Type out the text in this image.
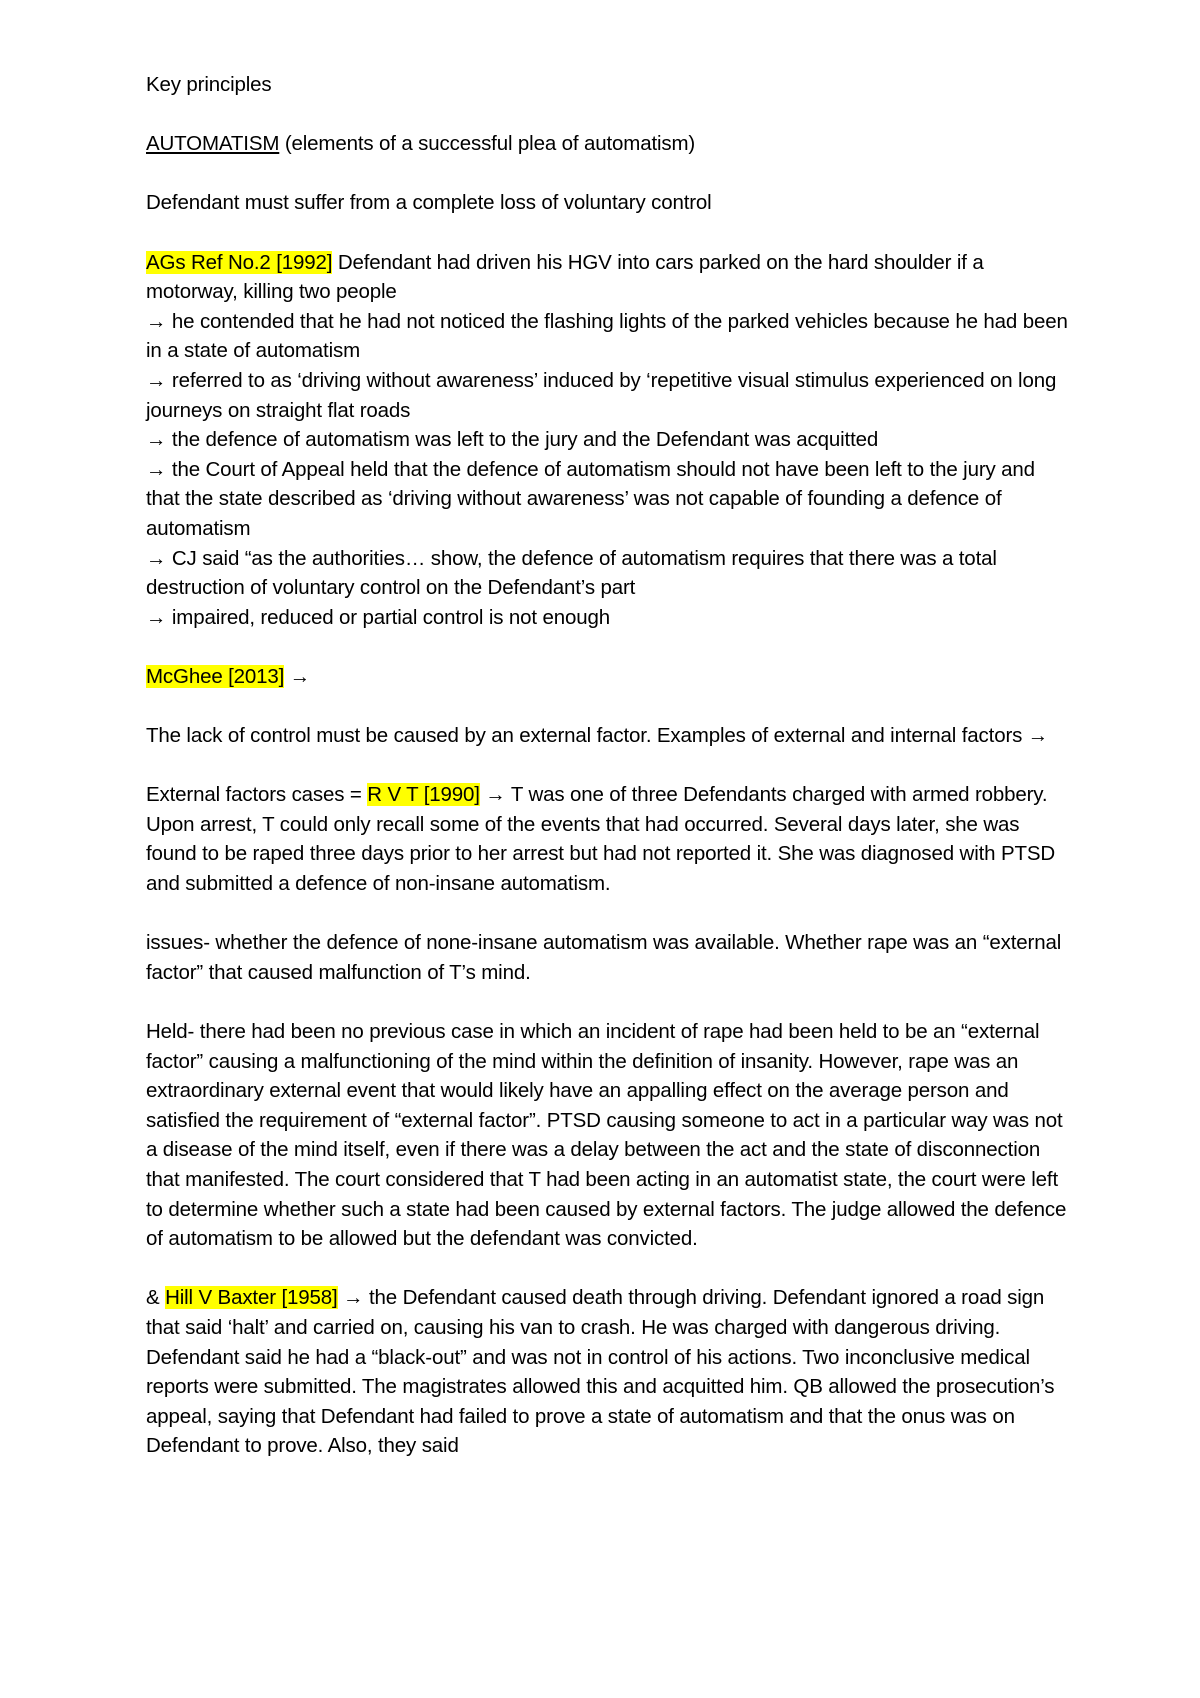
Key principles

AUTOMATISM (elements of a successful plea of automatism)

Defendant must suffer from a complete loss of voluntary control

AGs Ref No.2 [1992] Defendant had driven his HGV into cars parked on the hard shoulder if a motorway, killing two people

→ he contended that he had not noticed the flashing lights of the parked vehicles because he had been in a state of automatism

→ referred to as ‘driving without awareness’ induced by ‘repetitive visual stimulus experienced on long journeys on straight flat roads

→ the defence of automatism was left to the jury and the Defendant was acquitted

→ the Court of Appeal held that the defence of automatism should not have been left to the jury and that the state described as ‘driving without awareness’ was not capable of founding a defence of automatism

→ CJ said “as the authorities… show, the defence of automatism requires that there was a total destruction of voluntary control on the Defendant’s part

→ impaired, reduced or partial control is not enough

McGhee [2013] →

The lack of control must be caused by an external factor. Examples of external and internal factors →

External factors cases = R V T [1990] → T was one of three Defendants charged with armed robbery. Upon arrest, T could only recall some of the events that had occurred. Several days later, she was found to be raped three days prior to her arrest but had not reported it. She was diagnosed with PTSD and submitted a defence of non-insane automatism.

issues- whether the defence of none-insane automatism was available. Whether rape was an “external factor” that caused malfunction of T’s mind.

Held- there had been no previous case in which an incident of rape had been held to be an “external factor” causing a malfunctioning of the mind within the definition of insanity. However, rape was an extraordinary external event that would likely have an appalling effect on the average person and satisfied the requirement of “external factor”. PTSD causing someone to act in a particular way was not a disease of the mind itself, even if there was a delay between the act and the state of disconnection that manifested. The court considered that T had been acting in an automatist state, the court were left to determine whether such a state had been caused by external factors. The judge allowed the defence of automatism to be allowed but the defendant was convicted.

& Hill V Baxter [1958] → the Defendant caused death through driving. Defendant ignored a road sign that said ‘halt’ and carried on, causing his van to crash. He was charged with dangerous driving. Defendant said he had a “black-out” and was not in control of his actions. Two inconclusive medical reports were submitted. The magistrates allowed this and acquitted him. QB allowed the prosecution’s appeal, saying that Defendant had failed to prove a state of automatism and that the onus was on Defendant to prove. Also, they said
